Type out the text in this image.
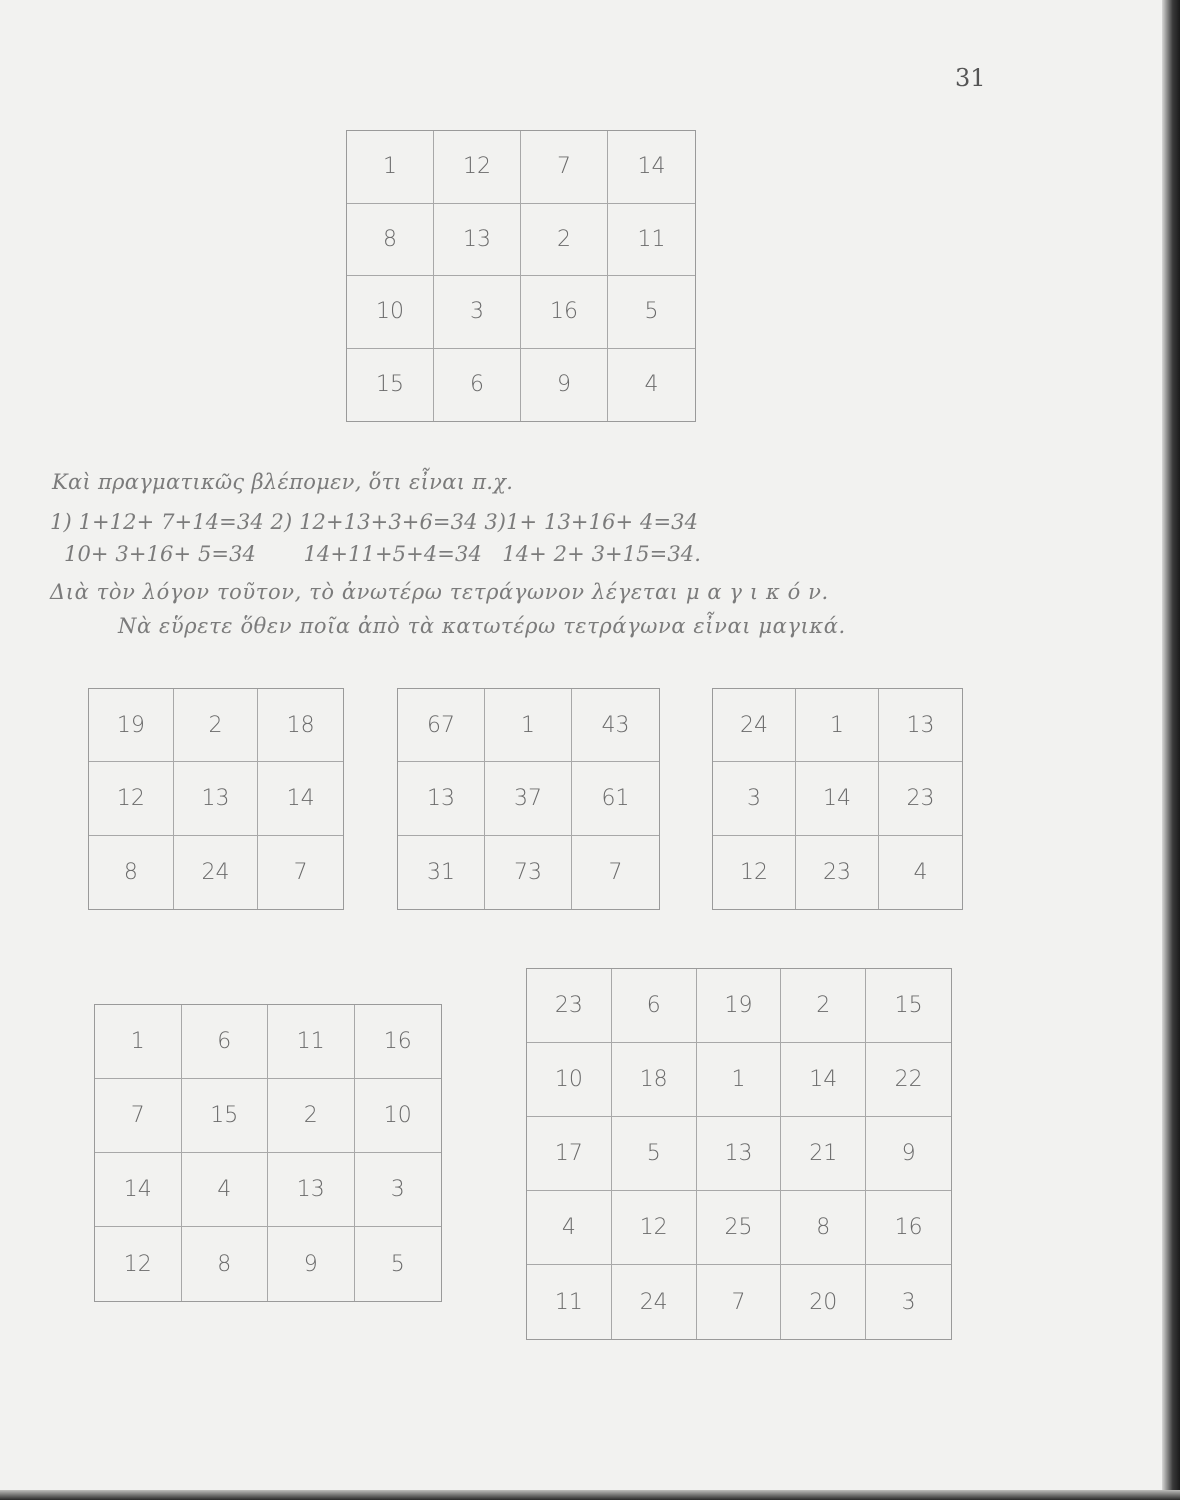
31
1	12	7	14
8	13	2	11
10	3	16	5
15	6	9	4
Καὶ πραγματικῶς βλέπομεν, ὅτι εἶναι π.χ.
1) 1+12+ 7+14=34 2) 12+13+3+6=34 3)1+ 13+16+ 4=34
10+ 3+16+ 5=34       14+11+5+4=34   14+ 2+ 3+15=34.
Διὰ τὸν λόγον τοῦτον, τὸ ἀνωτέρω τετράγωνον λέγεται μ α γ ι κ ό ν.
Νὰ εὕρετε ὅθεν ποῖα ἀπὸ τὰ κατωτέρω τετράγωνα εἶναι μαγικά.
19	2	18
12	13	14
8	24	7
67	1	43
13	37	61
31	73	7
24	1	13
3	14	23
12	23	4
1	6	11	16
7	15	2	10
14	4	13	3
12	8	9	5
23	6	19	2	15
10	18	1	14	22
17	5	13	21	9
4	12	25	8	16
11	24	7	20	3
